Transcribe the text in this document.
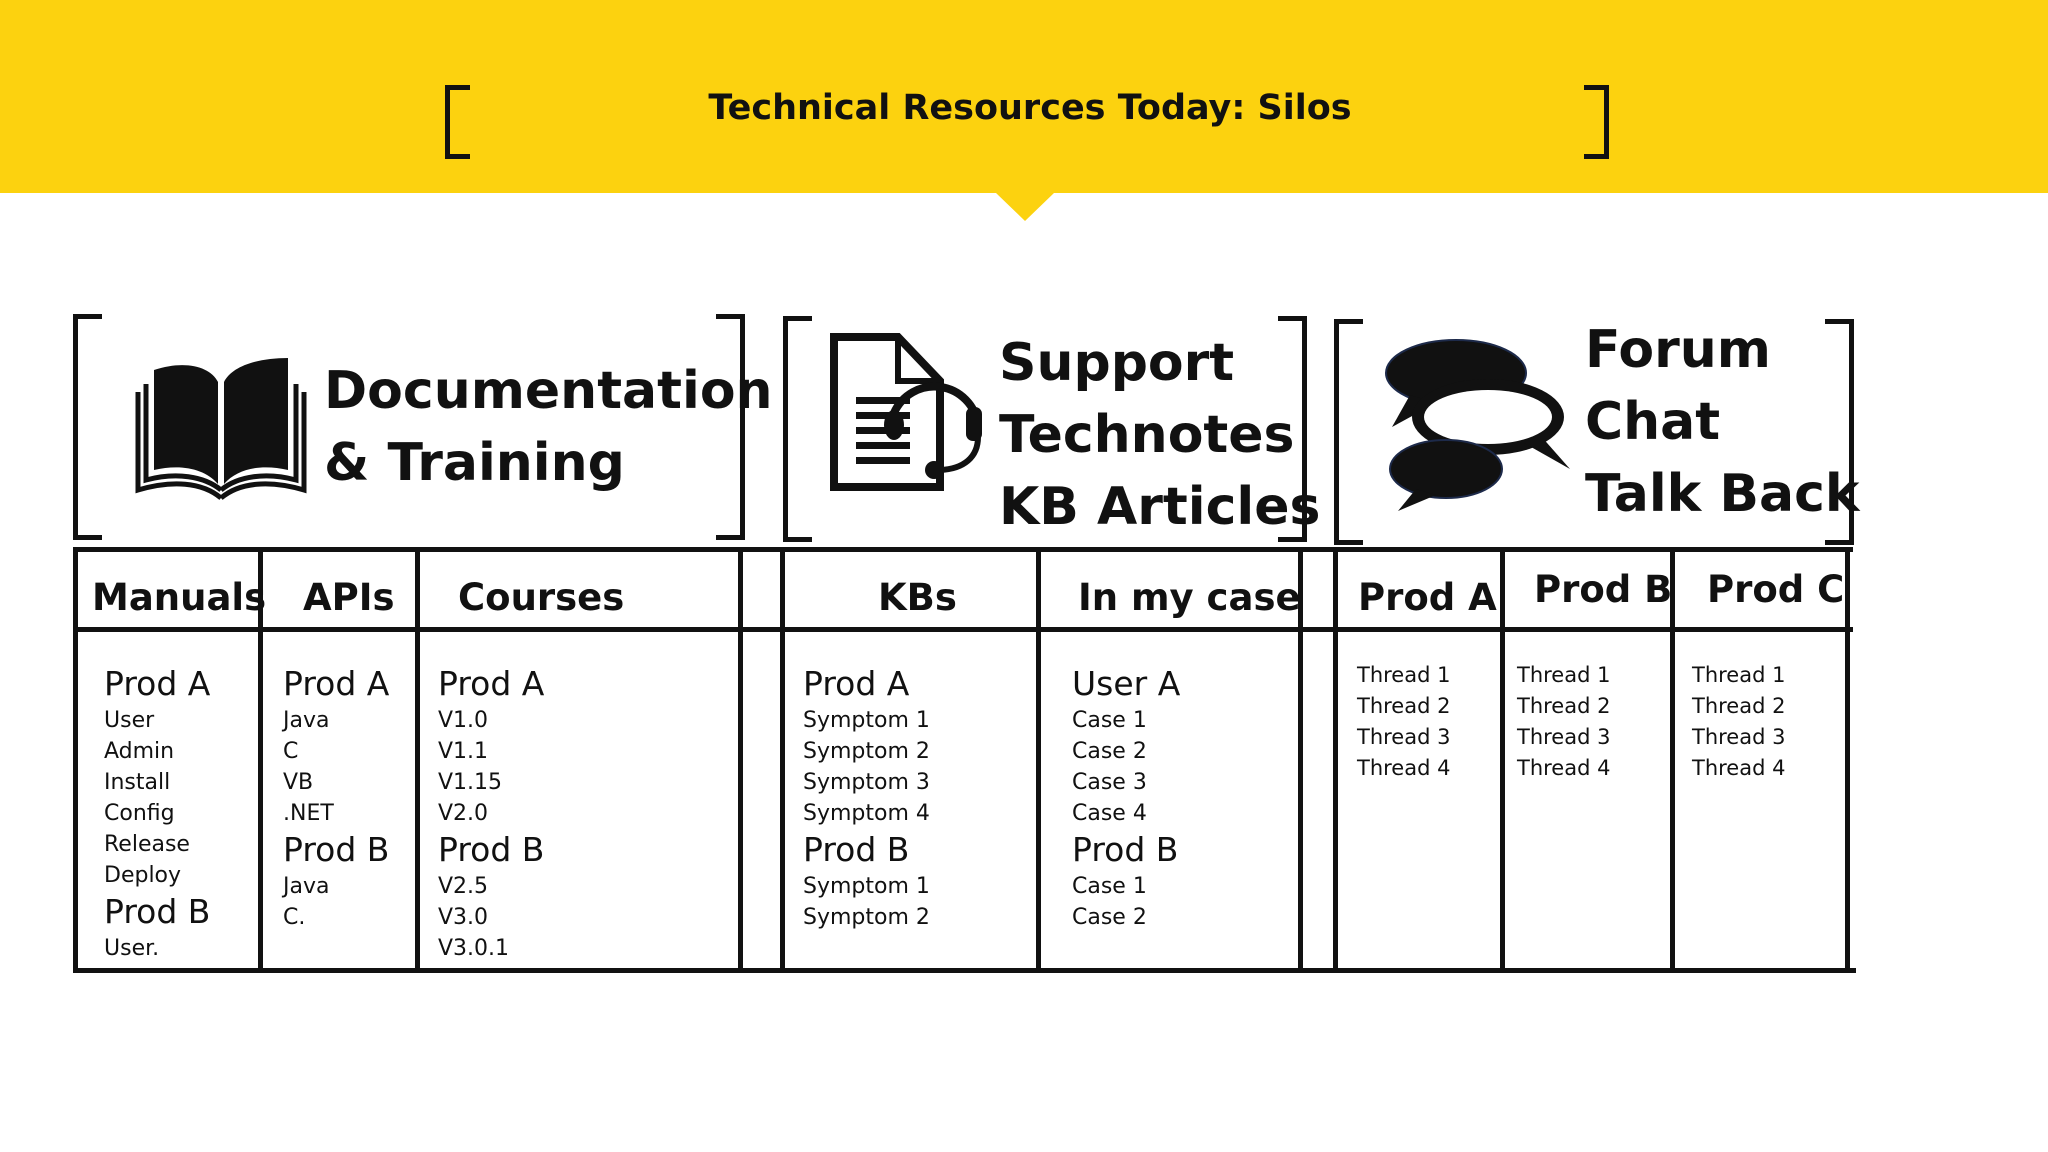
Technical Resources Today: Silos
Documentation
& Training
Support
Technotes
KB Articles
Forum
Chat
Talk Back
Manuals APIs Courses	KBs	In my case Prod A Prod B Prod C
Prod A
User
Admin
Install
Config
Release
Deploy
Prod B
User.
Prod A
Java
C
VB
.NET
Prod B
Java
C.
Prod A
V1.0
V1.1
V1.15
V2.0
Prod B
V2.5
V3.0
V3.0.1
Prod A
Symptom 1
Symptom 2
Symptom 3
Symptom 4
Prod B
Symptom 1
Symptom 2
User A
Case 1
Case 2
Case 3
Case 4
Prod B
Case 1
Case 2
Thread 1
Thread 2
Thread 3
Thread 4
Thread 1
Thread 2
Thread 3
Thread 4
Thread 1
Thread 2
Thread 3
Thread 4
